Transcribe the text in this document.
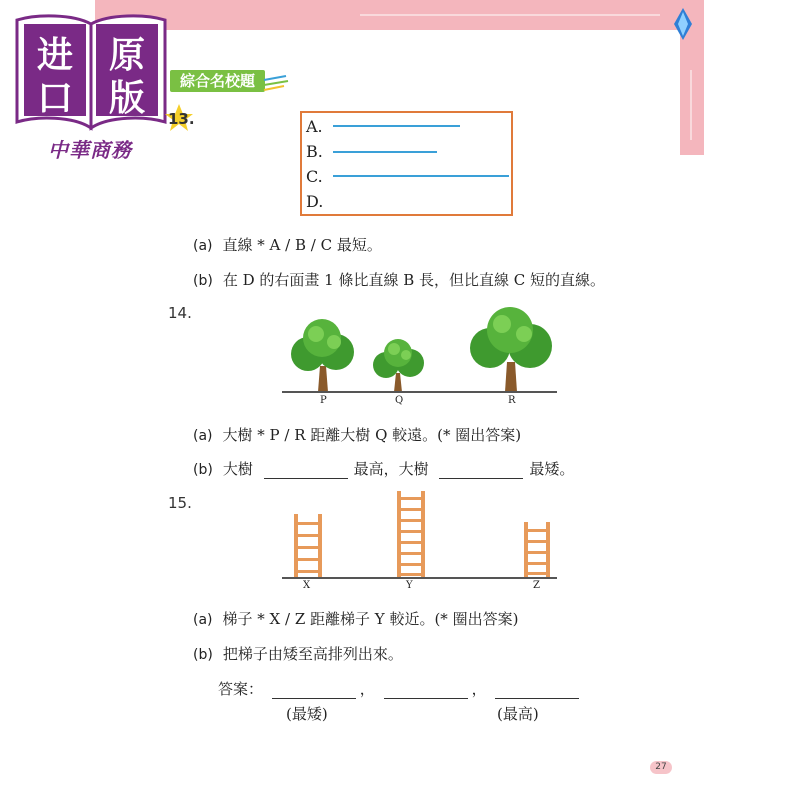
进 原
口 版
中華商務
綜合名校題
13.	A.
B.
C.
D.
(a) 直線 * A / B / C 最短。
(b) 在 D 的右面畫 1 條比直線 B 長，但比直線 C 短的直線。
14.
P	Q	R
(a) 大樹 * P / R 距離大樹 Q 較遠。(* 圈出答案)
(b) 大樹	最高，大樹	最矮。
15.
X	Y	Z
(a) 梯子 * X / Z 距離梯子 Y 較近。(* 圈出答案)
(b) 把梯子由矮至高排列出來。
答案：	，	，
(最矮)	(最高)
27
